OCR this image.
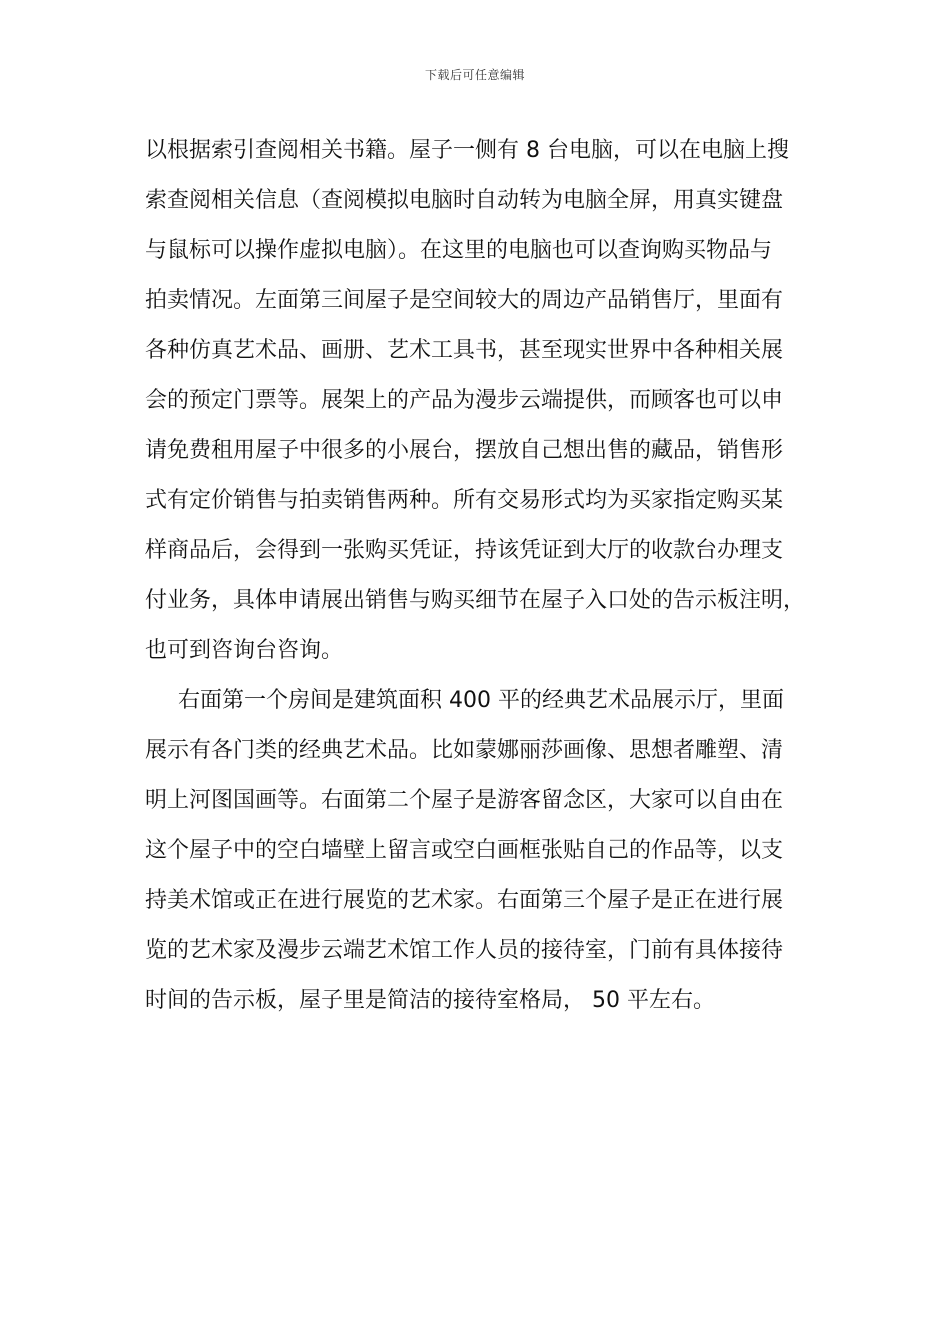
下载后可任意编辑
以根据索引查阅相关书籍。屋子一侧有 8 台电脑，可以在电脑上搜
索查阅相关信息（查阅模拟电脑时自动转为电脑全屏，用真实键盘
与鼠标可以操作虚拟电脑）。在这里的电脑也可以查询购买物品与
拍卖情况。左面第三间屋子是空间较大的周边产品销售厅，里面有
各种仿真艺术品、画册、艺术工具书，甚至现实世界中各种相关展
会的预定门票等。展架上的产品为漫步云端提供，而顾客也可以申
请免费租用屋子中很多的小展台，摆放自己想出售的藏品，销售形
式有定价销售与拍卖销售两种。所有交易形式均为买家指定购买某
样商品后，会得到一张购买凭证，持该凭证到大厅的收款台办理支
付业务，具体申请展出销售与购买细节在屋子入口处的告示板注明，
也可到咨询台咨询。
右面第一个房间是建筑面积 400 平的经典艺术品展示厅，里面
展示有各门类的经典艺术品。比如蒙娜丽莎画像、思想者雕塑、清
明上河图国画等。右面第二个屋子是游客留念区，大家可以自由在
这个屋子中的空白墙壁上留言或空白画框张贴自己的作品等，以支
持美术馆或正在进行展览的艺术家。右面第三个屋子是正在进行展
览的艺术家及漫步云端艺术馆工作人员的接待室，门前有具体接待
时间的告示板，屋子里是简洁的接待室格局， 50 平左右。
